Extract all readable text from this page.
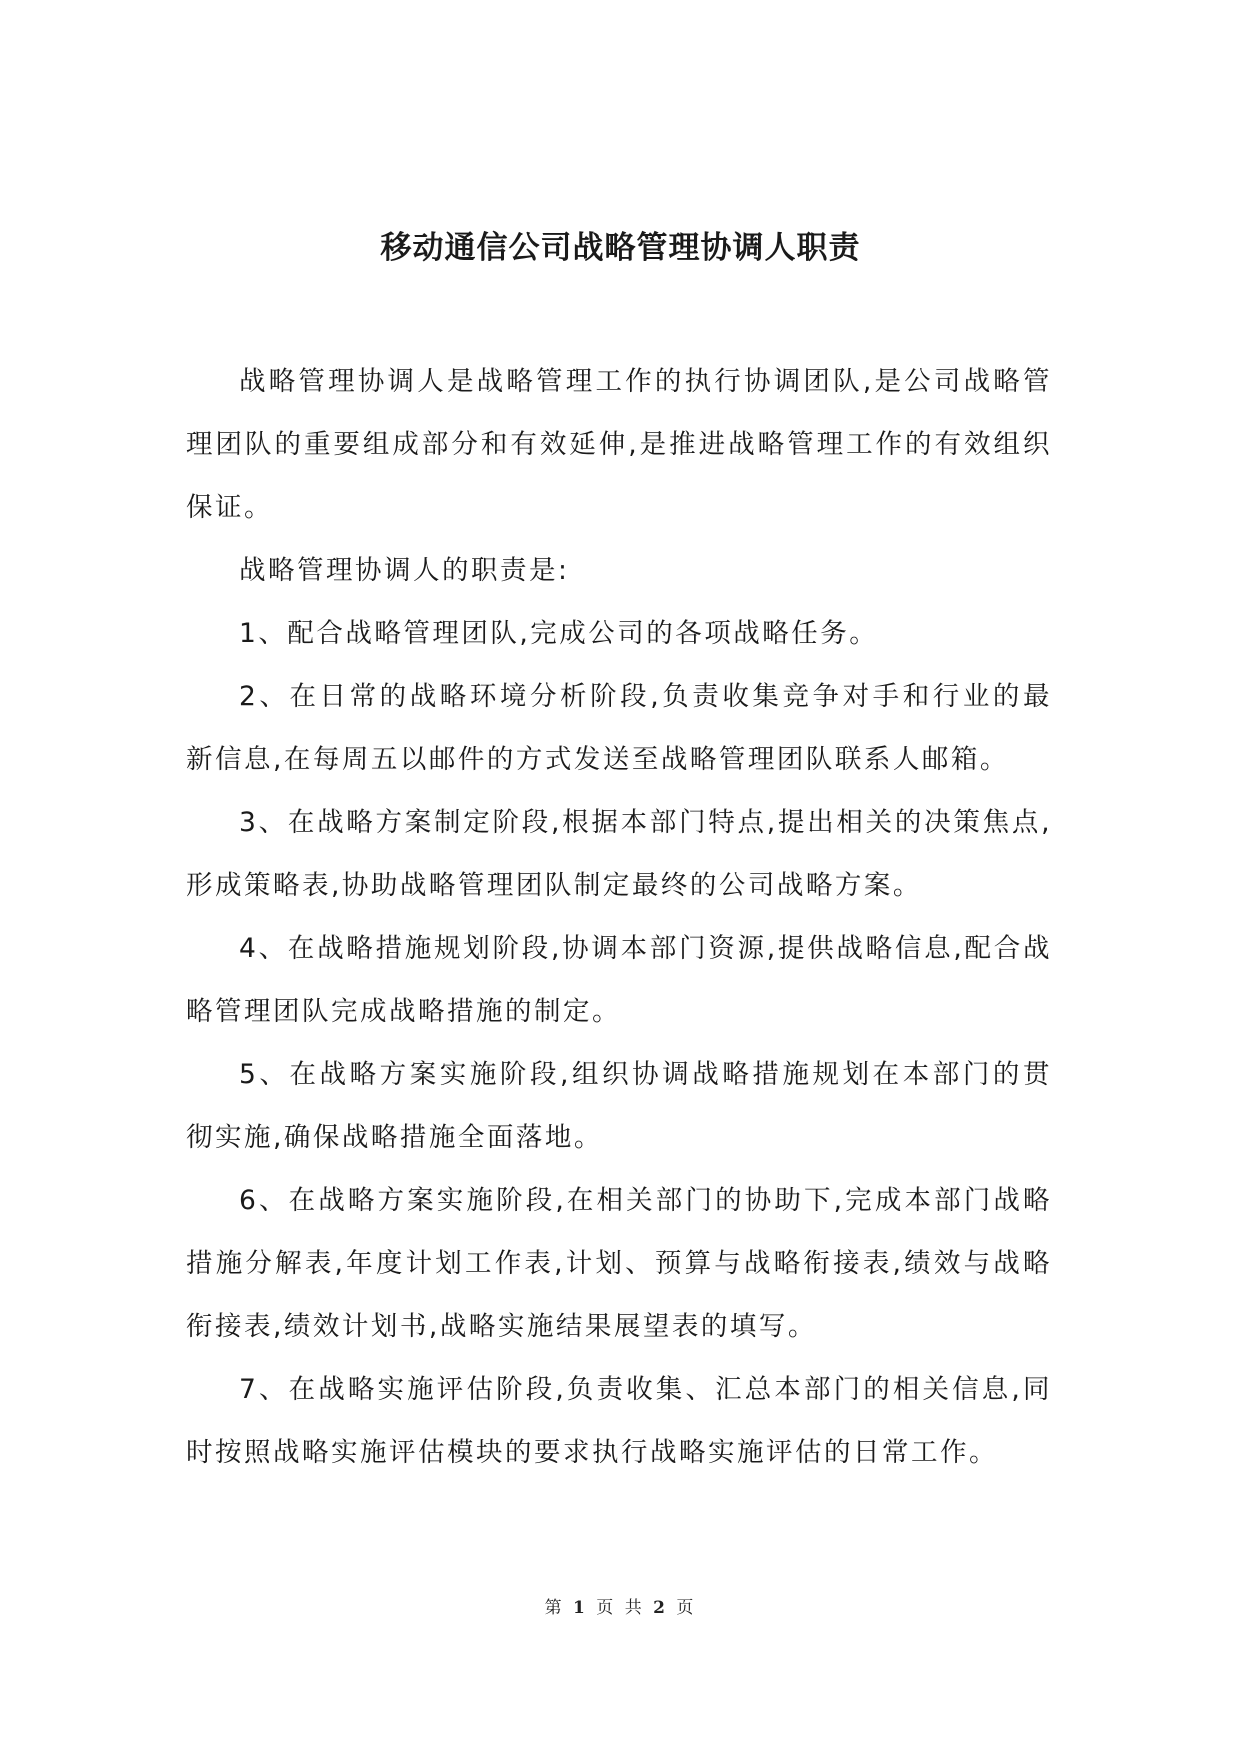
移动通信公司战略管理协调人职责

战略管理协调人是战略管理工作的执行协调团队,是公司战略管理团队的重要组成部分和有效延伸,是推进战略管理工作的有效组织保证。

战略管理协调人的职责是:

1、配合战略管理团队,完成公司的各项战略任务。

2、在日常的战略环境分析阶段,负责收集竞争对手和行业的最新信息,在每周五以邮件的方式发送至战略管理团队联系人邮箱。

3、在战略方案制定阶段,根据本部门特点,提出相关的决策焦点,形成策略表,协助战略管理团队制定最终的公司战略方案。

4、在战略措施规划阶段,协调本部门资源,提供战略信息,配合战略管理团队完成战略措施的制定。

5、在战略方案实施阶段,组织协调战略措施规划在本部门的贯彻实施,确保战略措施全面落地。

6、在战略方案实施阶段,在相关部门的协助下,完成本部门战略措施分解表,年度计划工作表,计划、预算与战略衔接表,绩效与战略衔接表,绩效计划书,战略实施结果展望表的填写。

7、在战略实施评估阶段,负责收集、汇总本部门的相关信息,同时按照战略实施评估模块的要求执行战略实施评估的日常工作。

第 1 页 共 2 页
